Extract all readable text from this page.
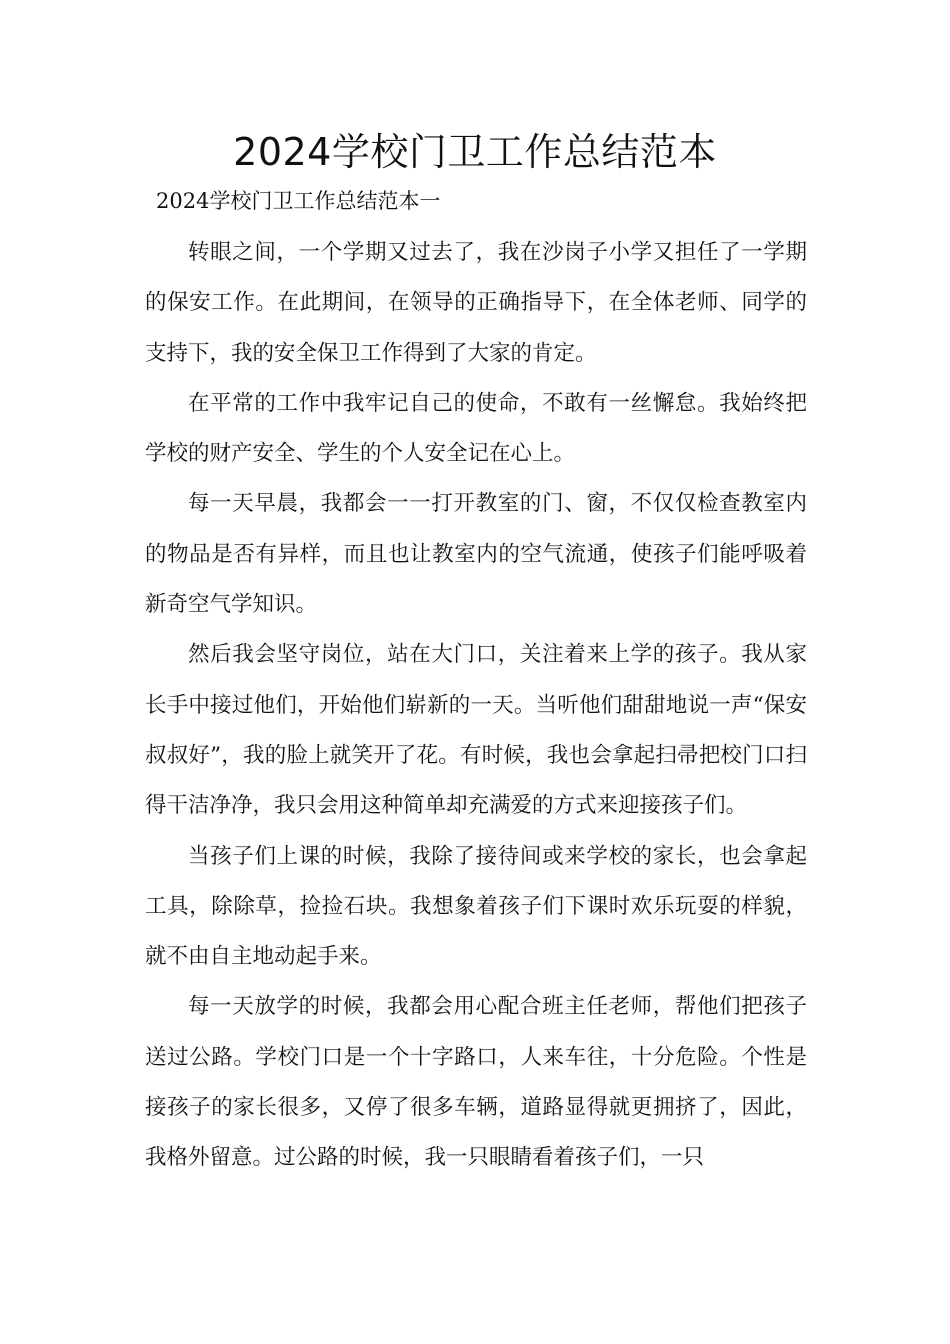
2024学校门卫工作总结范本
2024学校门卫工作总结范本一

转眼之间，一个学期又过去了，我在沙岗子小学又担任了一学期的保安工作。在此期间，在领导的正确指导下，在全体老师、同学的支持下，我的安全保卫工作得到了大家的肯定。

在平常的工作中我牢记自己的使命，不敢有一丝懈怠。我始终把学校的财产安全、学生的个人安全记在心上。

每一天早晨，我都会一一打开教室的门、窗，不仅仅检查教室内的物品是否有异样，而且也让教室内的空气流通，使孩子们能呼吸着新奇空气学知识。

然后我会坚守岗位，站在大门口，关注着来上学的孩子。我从家长手中接过他们，开始他们崭新的一天。当听他们甜甜地说一声“保安叔叔好”，我的脸上就笑开了花。有时候，我也会拿起扫帚把校门口扫得干洁净净，我只会用这种简单却充满爱的方式来迎接孩子们。

当孩子们上课的时候，我除了接待间或来学校的家长，也会拿起工具，除除草，捡捡石块。我想象着孩子们下课时欢乐玩耍的样貌，就不由自主地动起手来。

每一天放学的时候，我都会用心配合班主任老师，帮他们把孩子送过公路。学校门口是一个十字路口，人来车往，十分危险。个性是接孩子的家长很多，又停了很多车辆，道路显得就更拥挤了，因此，我格外留意。过公路的时候，我一只眼睛看着孩子们，一只
